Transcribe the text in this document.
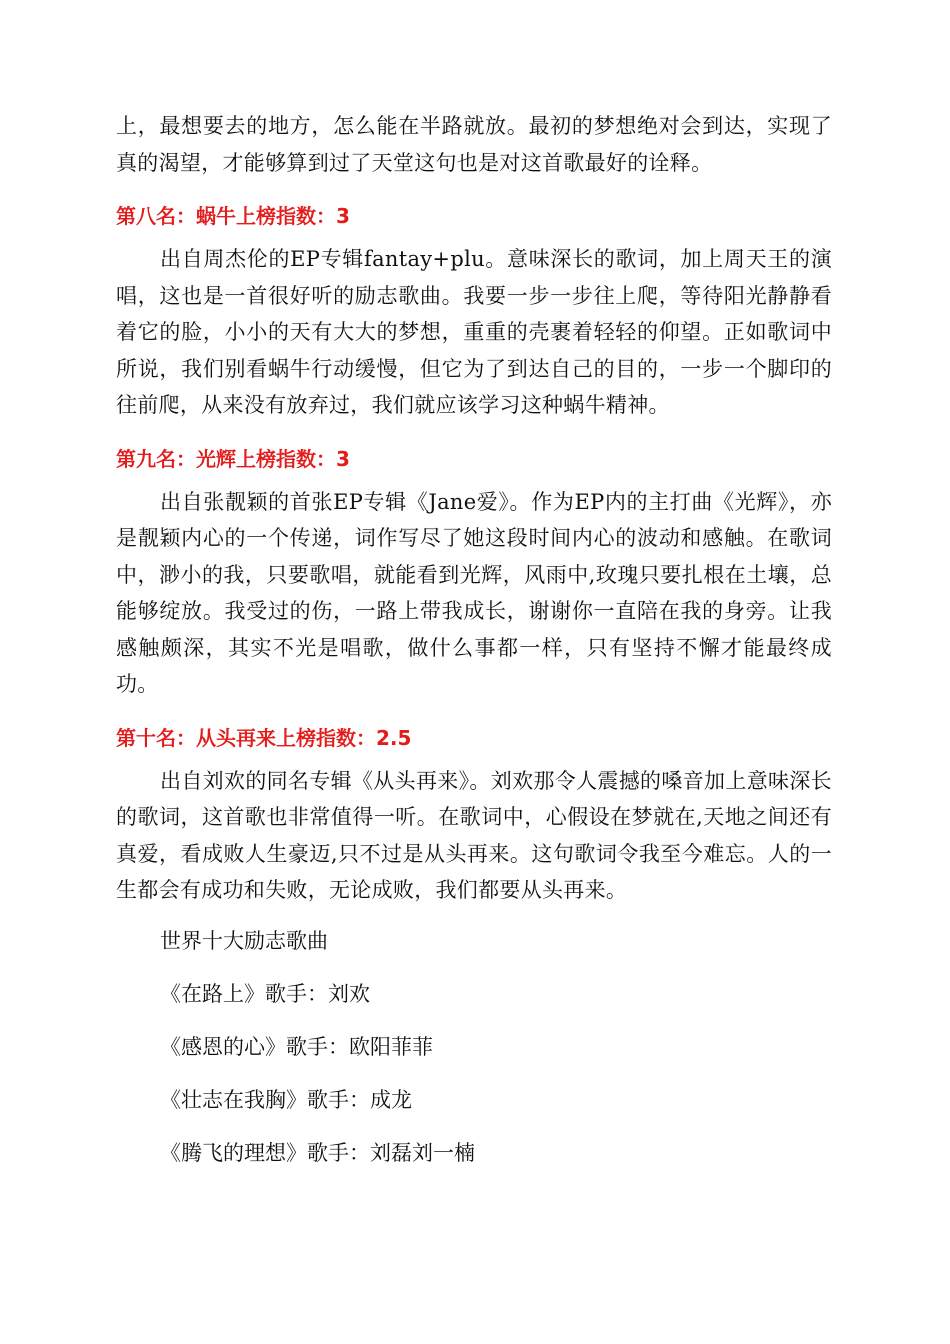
上，最想要去的地方，怎么能在半路就放。最初的梦想绝对会到达，实现了真的渴望，才能够算到过了天堂这句也是对这首歌最好的诠释。

第八名：蜗牛上榜指数：3

出自周杰伦的EP专辑fantay+plu。意味深长的歌词，加上周天王的演唱，这也是一首很好听的励志歌曲。我要一步一步往上爬，等待阳光静静看着它的脸，小小的天有大大的梦想，重重的壳裹着轻轻的仰望。正如歌词中所说，我们别看蜗牛行动缓慢，但它为了到达自己的目的，一步一个脚印的往前爬，从来没有放弃过，我们就应该学习这种蜗牛精神。

第九名：光辉上榜指数：3

出自张靓颖的首张EP专辑《Jane爱》。作为EP内的主打曲《光辉》，亦是靓颖内心的一个传递，词作写尽了她这段时间内心的波动和感触。在歌词中，渺小的我，只要歌唱，就能看到光辉，风雨中,玫瑰只要扎根在土壤，总能够绽放。我受过的伤，一路上带我成长，谢谢你一直陪在我的身旁。让我感触颇深，其实不光是唱歌，做什么事都一样，只有坚持不懈才能最终成功。

第十名：从头再来上榜指数：2.5

出自刘欢的同名专辑《从头再来》。刘欢那令人震撼的嗓音加上意味深长的歌词，这首歌也非常值得一听。在歌词中，心假设在梦就在,天地之间还有真爱，看成败人生豪迈,只不过是从头再来。这句歌词令我至今难忘。人的一生都会有成功和失败，无论成败，我们都要从头再来。

世界十大励志歌曲

《在路上》歌手：刘欢

《感恩的心》歌手：欧阳菲菲

《壮志在我胸》歌手：成龙

《腾飞的理想》歌手：刘磊刘一楠
